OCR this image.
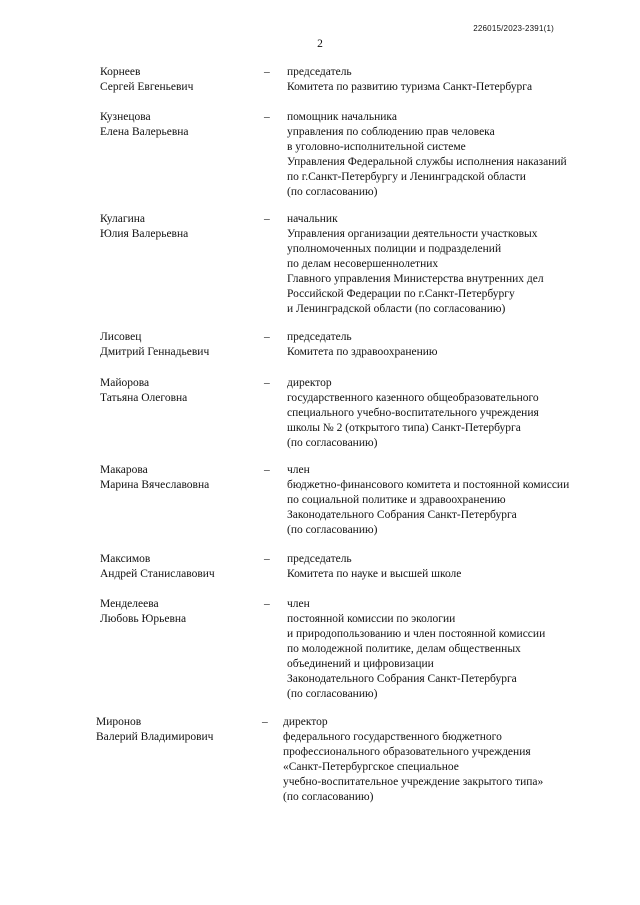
226015/2023-2391(1)
2
Корнеев
Сергей Евгеньевич
– председатель
Комитета по развитию туризма Санкт-Петербурга
Кузнецова
Елена Валерьевна
– помощник начальника
управления по соблюдению прав человека
в уголовно-исполнительной системе
Управления Федеральной службы исполнения наказаний
по г.Санкт-Петербургу и Ленинградской области
(по согласованию)
Кулагина
Юлия Валерьевна
– начальник
Управления организации деятельности участковых
уполномоченных полиции и подразделений
по делам несовершеннолетних
Главного управления Министерства внутренних дел
Российской Федерации по г.Санкт-Петербургу
и Ленинградской области (по согласованию)
Лисовец
Дмитрий Геннадьевич
– председатель
Комитета по здравоохранению
Майорова
Татьяна Олеговна
– директор
государственного казенного общеобразовательного
специального учебно-воспитательного учреждения
школы № 2 (открытого типа) Санкт-Петербурга
(по согласованию)
Макарова
Марина Вячеславовна
– член
бюджетно-финансового комитета и постоянной комиссии
по социальной политике и здравоохранению
Законодательного Собрания Санкт-Петербурга
(по согласованию)
Максимов
Андрей Станиславович
– председатель
Комитета по науке и высшей школе
Менделеева
Любовь Юрьевна
– член
постоянной комиссии по экологии
и природопользованию и член постоянной комиссии
по молодежной политике, делам общественных
объединений и цифровизации
Законодательного Собрания Санкт-Петербурга
(по согласованию)
Миронов
Валерий Владимирович
– директор
федерального государственного бюджетного
профессионального образовательного учреждения
«Санкт-Петербургское специальное
учебно-воспитательное учреждение закрытого типа»
(по согласованию)
